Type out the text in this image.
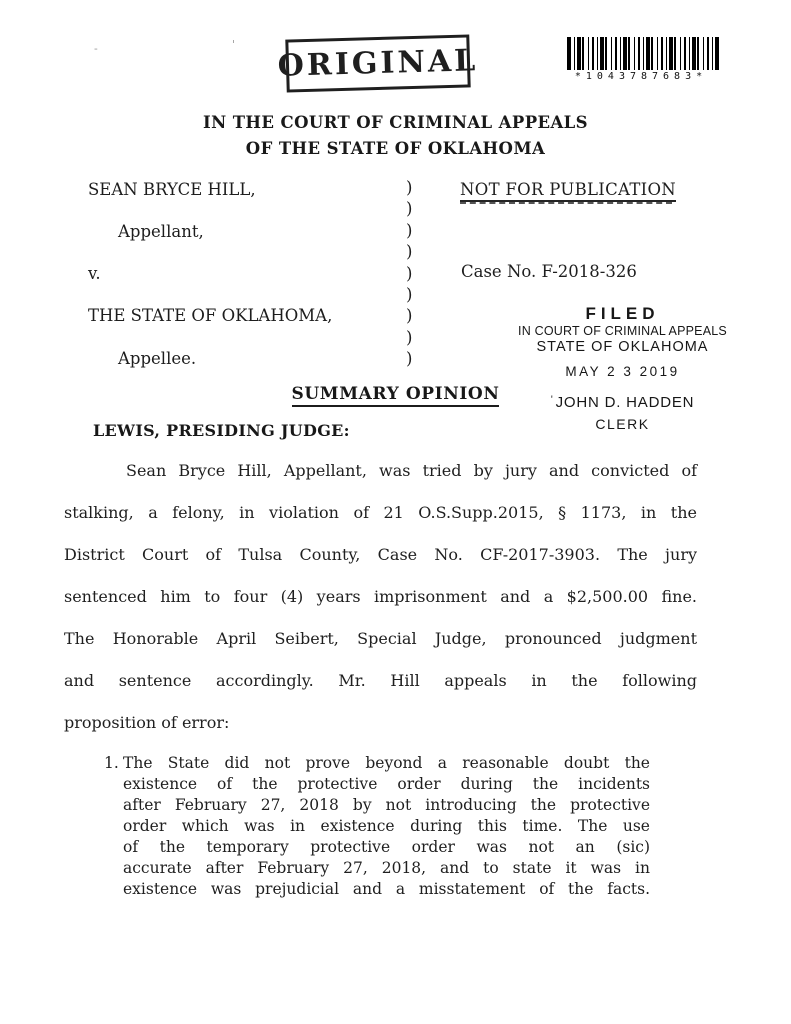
-	' ORIGINAL	*1043787683*
IN THE COURT OF CRIMINAL APPEALS
OF THE STATE OF OKLAHOMA
SEAN BRYCE HILL,
Appellant,
v.
THE STATE OF OKLAHOMA,
Appellee.
)
)
)
)
)
)
)
)
)
NOT FOR PUBLICATION
Case No. F-2018-326
FILED
IN COURT OF CRIMINAL APPEALS
STATE OF OKLAHOMA
MAY 2 3 2019
' JOHN D. HADDEN
CLERK
SUMMARY OPINION
LEWIS, PRESIDING JUDGE:
Sean Bryce Hill, Appellant, was tried by jury and convicted of
stalking, a felony, in violation of 21 O.S.Supp.2015, § 1173, in the
District Court of Tulsa County, Case No. CF-2017-3903. The jury
sentenced him to four (4) years imprisonment and a $2,500.00 fine.
The Honorable April Seibert, Special Judge, pronounced judgment
and sentence accordingly. Mr. Hill appeals in the following
proposition of error:
1. The State did not prove beyond a reasonable doubt the
existence of the protective order during the incidents
after February 27, 2018 by not introducing the protective
order which was in existence during this time. The use
of the temporary protective order was not an (sic)
accurate after February 27, 2018, and to state it was in
existence was prejudicial and a misstatement of the facts.
